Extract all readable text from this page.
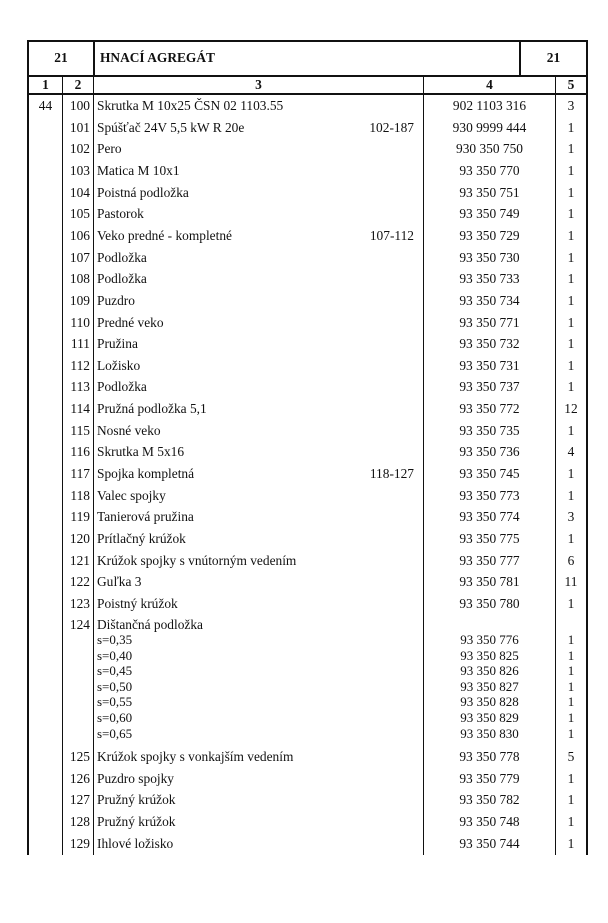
21	HNACÍ AGREGÁT	21
1	2	3	4	5
44	100 Skrutka M 10x25 ČSN 02 1103.55	902 1103 316	3
101 Spúšťač 24V 5,5 kW R 20e	102-187	930 9999 444	1
102 Pero	930 350 750	1
103 Matica M 10x1	93 350 770	1
104 Poistná podložka	93 350 751	1
105 Pastorok	93 350 749	1
106 Veko predné - kompletné	107-112	93 350 729	1
107 Podložka	93 350 730	1
108 Podložka	93 350 733	1
109 Puzdro	93 350 734	1
110 Predné veko	93 350 771	1
111 Pružina	93 350 732	1
112 Ložisko	93 350 731	1
113 Podložka	93 350 737	1
114 Pružná podložka 5,1	93 350 772	12
115 Nosné veko	93 350 735	1
116 Skrutka M 5x16	93 350 736	4
117 Spojka kompletná	118-127	93 350 745	1
118 Valec spojky	93 350 773	1
119 Tanierová pružina	93 350 774	3
120 Prítlačný krúžok	93 350 775	1
121 Krúžok spojky s vnútorným vedením	93 350 777	6
122 Guľka 3	93 350 781	11
123 Poistný krúžok	93 350 780	1
124 Dištančná podložka
s=0,35	93 350 776	1
s=0,40	93 350 825	1
s=0,45	93 350 826	1
s=0,50	93 350 827	1
s=0,55	93 350 828	1
s=0,60	93 350 829	1
s=0,65	93 350 830	1
125 Krúžok spojky s vonkajším vedením	93 350 778	5
126 Puzdro spojky	93 350 779	1
127 Pružný krúžok	93 350 782	1
128 Pružný krúžok	93 350 748	1
129 Ihlové ložisko	93 350 744	1
